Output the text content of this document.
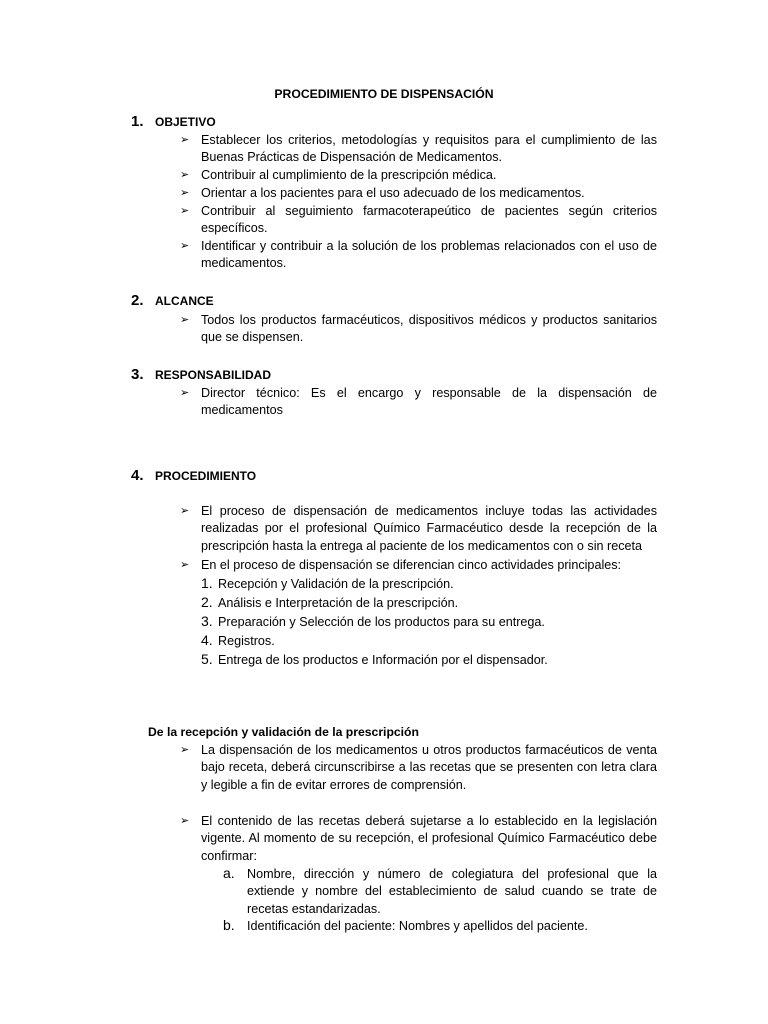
PROCEDIMIENTO DE DISPENSACIÓN
1. OBJETIVO
➢ Establecer los criterios, metodologías y requisitos para el cumplimiento de las Buenas Prácticas de Dispensación de Medicamentos.
➢ Contribuir al cumplimiento de la prescripción médica.
➢ Orientar a los pacientes para el uso adecuado de los medicamentos.
➢ Contribuir al seguimiento farmacoterapeútico de pacientes según criterios específicos.
➢ Identificar y contribuir a la solución de los problemas relacionados con el uso de medicamentos.
2. ALCANCE
➢ Todos los productos farmacéuticos, dispositivos médicos y productos sanitarios que se dispensen.
3. RESPONSABILIDAD
➢ Director técnico: Es el encargo y responsable de la dispensación de medicamentos
4. PROCEDIMIENTO
➢ El proceso de dispensación de medicamentos incluye todas las actividades realizadas por el profesional Químico Farmacéutico desde la recepción de la prescripción hasta la entrega al paciente de los medicamentos con o sin receta
➢ En el proceso de dispensación se diferencian cinco actividades principales:
1. Recepción y Validación de la prescripción.
2. Análisis e Interpretación de la prescripción.
3. Preparación y Selección de los productos para su entrega.
4. Registros.
5. Entrega de los productos e Información por el dispensador.
De la recepción y validación de la prescripción
➢ La dispensación de los medicamentos u otros productos farmacéuticos de venta bajo receta, deberá circunscribirse a las recetas que se presenten con letra clara y legible a fin de evitar errores de comprensión.
➢ El contenido de las recetas deberá sujetarse a lo establecido en la legislación vigente. Al momento de su recepción, el profesional Químico Farmacéutico debe confirmar:
a. Nombre, dirección y número de colegiatura del profesional que la extiende y nombre del establecimiento de salud cuando se trate de recetas estandarizadas.
b. Identificación del paciente: Nombres y apellidos del paciente.
